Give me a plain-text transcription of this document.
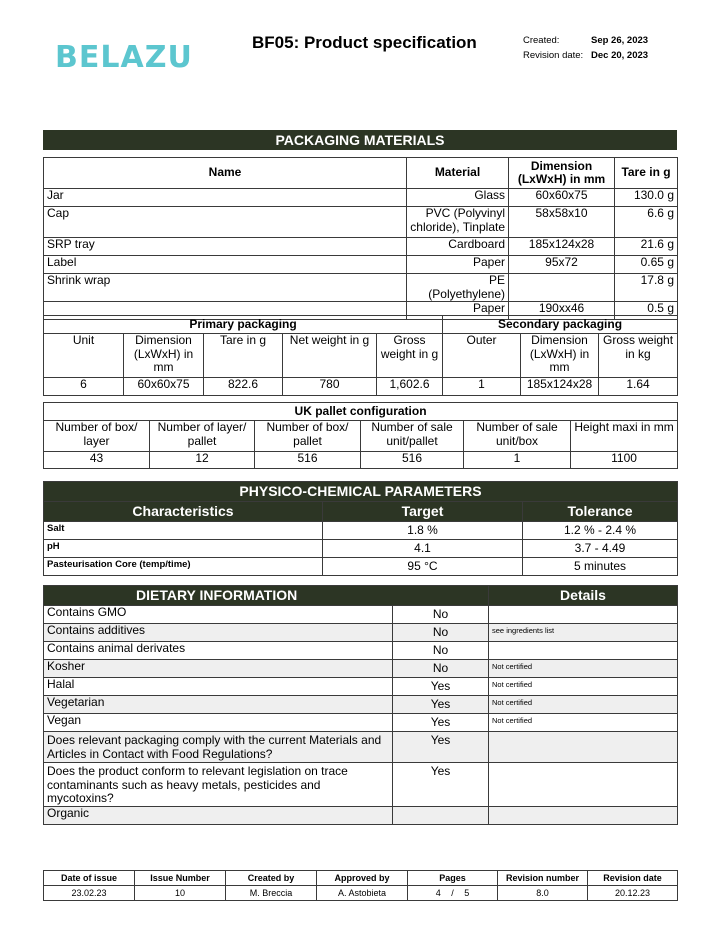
BELAZU	BF05: Product specification	Created:	Sep 26, 2023
Revision date: Dec 20, 2023
PACKAGING MATERIALS
Name	Material	Dimension (LxWxH) in mm	Tare in g
Jar	Glass	60x60x75	130.0 g
Cap	PVC (Polyvinyl chloride), Tinplate	58x58x10	6.6 g
SRP tray	Cardboard	185x124x28	21.6 g
Label	Paper	95x72	0.65 g
Shrink wrap	PE (Polyethylene)		17.8 g
	Paper	190xx46	0.5 g
Primary packaging					Secondary packaging		
Unit	Dimension (LxWxH) in mm	Tare in g	Net weight in g	Gross weight in g	Outer	Dimension (LxWxH) in mm	Gross weight in kg
6	60x60x75	822.6	780	1,602.6	1	185x124x28	1.64
UK pallet configuration					
Number of box/ layer	Number of layer/ pallet	Number of box/ pallet	Number of sale unit/pallet	Number of sale unit/box	Height maxi in mm
43	12	516	516	1	1100
PHYSICO-CHEMICAL PARAMETERS		
Characteristics	Target	Tolerance
Salt	1.8 %	1.2 % - 2.4 %
pH	4.1	3.7 - 4.49
Pasteurisation Core (temp/time)	95 °C	5 minutes
DIETARY INFORMATION		Details
Contains GMO	No	
Contains additives	No	see ingredients list
Contains animal derivates	No	
Kosher	No	Not certified
Halal	Yes	Not certified
Vegetarian	Yes	Not certified
Vegan	Yes	Not certified
Does relevant packaging comply with the current Materials and Articles in Contact with Food Regulations?	Yes	
Does the product conform to relevant legislation on trace contaminants such as heavy metals, pesticides and mycotoxins?	Yes	
Organic		
Date of issue	Issue Number	Created by	Approved by	Pages	Revision number	Revision date
23.02.23	10	M. Breccia	A. Astobieta	4 / 5	8.0	20.12.23
